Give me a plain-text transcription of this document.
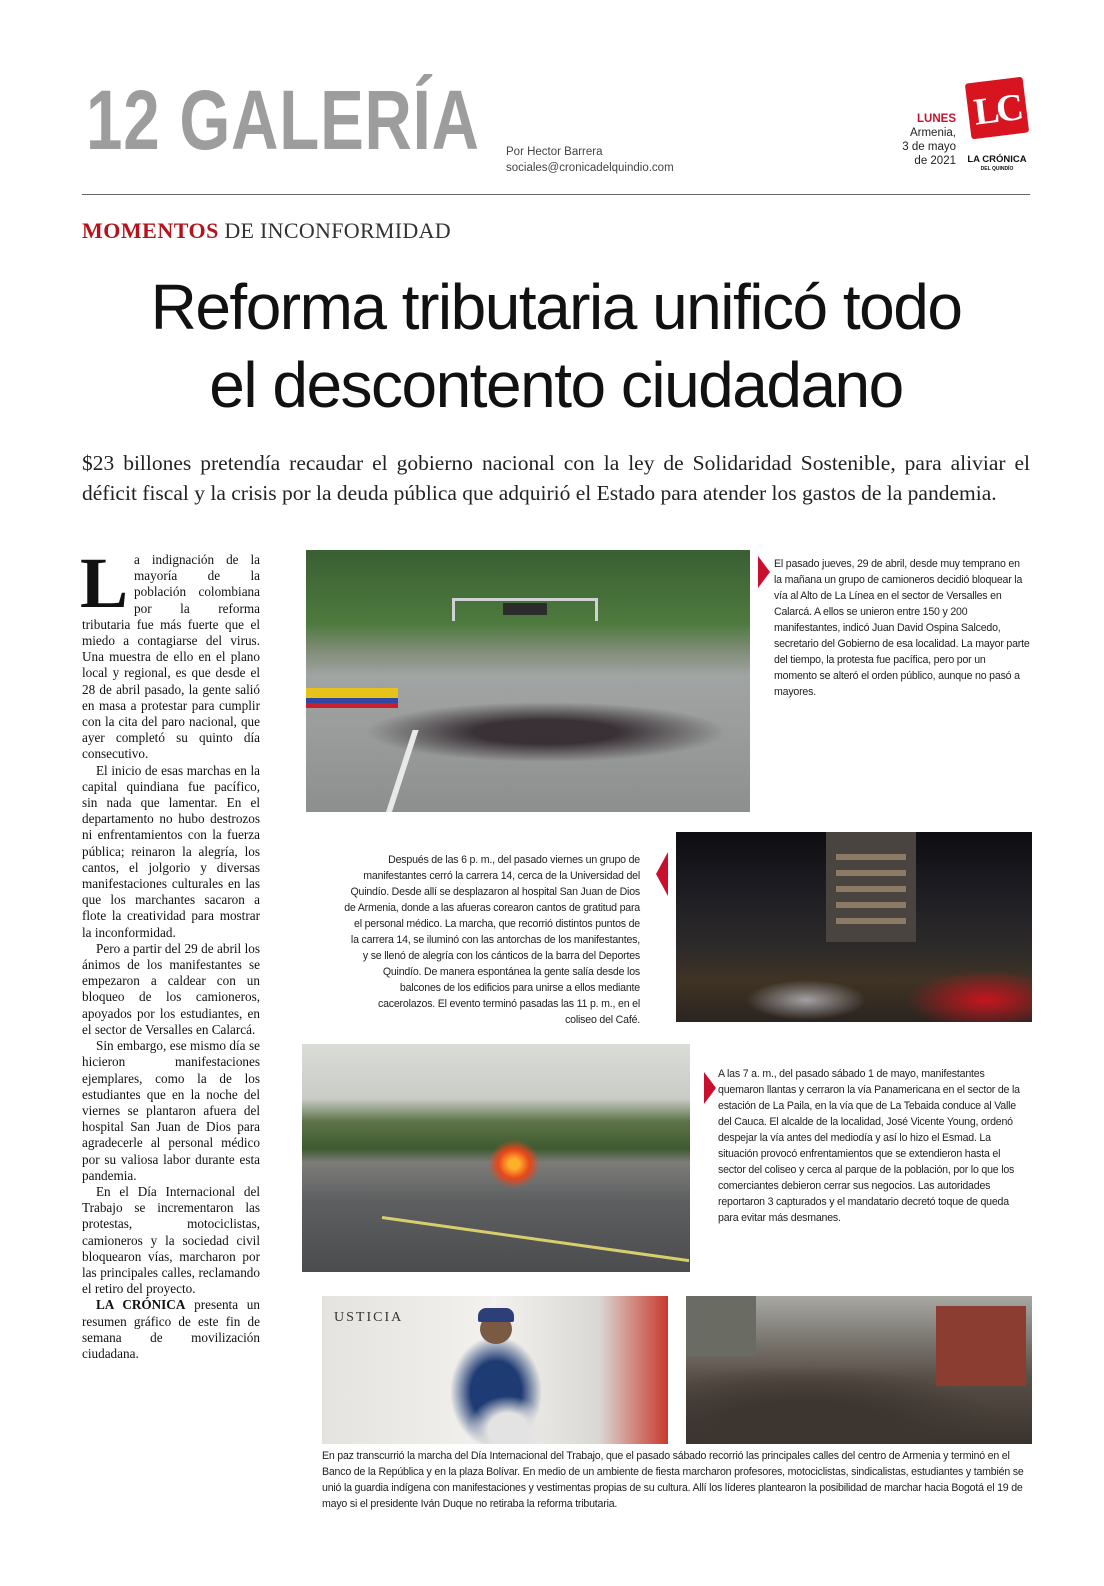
12 GALERÍA Por Hector Barrera
sociales@cronicadelquindio.com
LUNES
Armenia,
3 de mayo
de 2021
LC
LA CRÓNICA
DEL QUINDÍO
MOMENTOS DE INCONFORMIDAD
Reforma tributaria unificó todo
el descontento ciudadano
$23 billones pretendía recaudar el gobierno nacional con la ley de Solidaridad Sostenible, para aliviar el déficit fiscal y la crisis por la deuda pública que adquirió el Estado para atender los gastos de la pandemia.

La indignación de la mayoría de la población colombiana por la reforma tributaria fue más fuerte que el miedo a contagiarse del virus. Una muestra de ello en el plano local y regional, es que desde el 28 de abril pasado, la gente salió en masa a protestar para cumplir con la cita del paro nacional, que ayer completó su quinto día consecutivo.

El inicio de esas marchas en la capital quindiana fue pacífico, sin nada que lamentar. En el departamento no hubo destrozos ni enfrentamientos con la fuerza pública; reinaron la alegría, los cantos, el jolgorio y diversas manifestaciones culturales en las que los marchantes sacaron a flote la creatividad para mostrar la inconformidad.

Pero a partir del 29 de abril los ánimos de los manifestantes se empezaron a caldear con un bloqueo de los camioneros, apoyados por los estudiantes, en el sector de Versalles en Calarcá.

Sin embargo, ese mismo día se hicieron manifestaciones ejemplares, como la de los estudiantes que en la noche del viernes se plantaron afuera del hospital San Juan de Dios para agradecerle al personal médico por su valiosa labor durante esta pandemia.

En el Día Internacional del Trabajo se incrementaron las protestas, motociclistas, camioneros y la sociedad civil bloquearon vías, marcharon por las principales calles, reclamando el retiro del proyecto.

LA CRÓNICA presenta un resumen gráfico de este fin de semana de movilización ciudadana.

USTICIA
El pasado jueves, 29 de abril, desde muy temprano en la mañana un grupo de camioneros decidió bloquear la vía al Alto de La Línea en el sector de Versalles en Calarcá. A ellos se unieron entre 150 y 200 manifestantes, indicó Juan David Ospina Salcedo, secretario del Gobierno de esa localidad. La mayor parte del tiempo, la protesta fue pacífica, pero por un momento se alteró el orden público, aunque no pasó a mayores.
Después de las 6 p. m., del pasado viernes un grupo de manifestantes cerró la carrera 14, cerca de la Universidad del Quindío. Desde allí se desplazaron al hospital San Juan de Dios de Armenia, donde a las afueras corearon cantos de gratitud para el personal médico. La marcha, que recorrió distintos puntos de la carrera 14, se iluminó con las antorchas de los manifestantes, y se llenó de alegría con los cánticos de la barra del Deportes Quindío. De manera espontánea la gente salía desde los balcones de los edificios para unirse a ellos mediante cacerolazos. El evento terminó pasadas las 11 p. m., en el coliseo del Café.
A las 7 a. m., del pasado sábado 1 de mayo, manifestantes quemaron llantas y cerraron la vía Panamericana en el sector de la estación de La Paila, en la vía que de La Tebaida conduce al Valle del Cauca. El alcalde de la localidad, José Vicente Young, ordenó despejar la vía antes del mediodía y así lo hizo el Esmad. La situación provocó enfrentamientos que se extendieron hasta el sector del coliseo y cerca al parque de la población, por lo que los comerciantes debieron cerrar sus negocios. Las autoridades reportaron 3 capturados y el mandatario decretó toque de queda para evitar más desmanes.
En paz transcurrió la marcha del Día Internacional del Trabajo, que el pasado sábado recorrió las principales calles del centro de Armenia y terminó en el Banco de la República y en la plaza Bolívar. En medio de un ambiente de fiesta marcharon profesores, motociclistas, sindicalistas, estudiantes y también se unió la guardia indígena con manifestaciones y vestimentas propias de su cultura. Allí los líderes plantearon la posibilidad de marchar hacia Bogotá el 19 de mayo si el presidente Iván Duque no retiraba la reforma tributaria.
